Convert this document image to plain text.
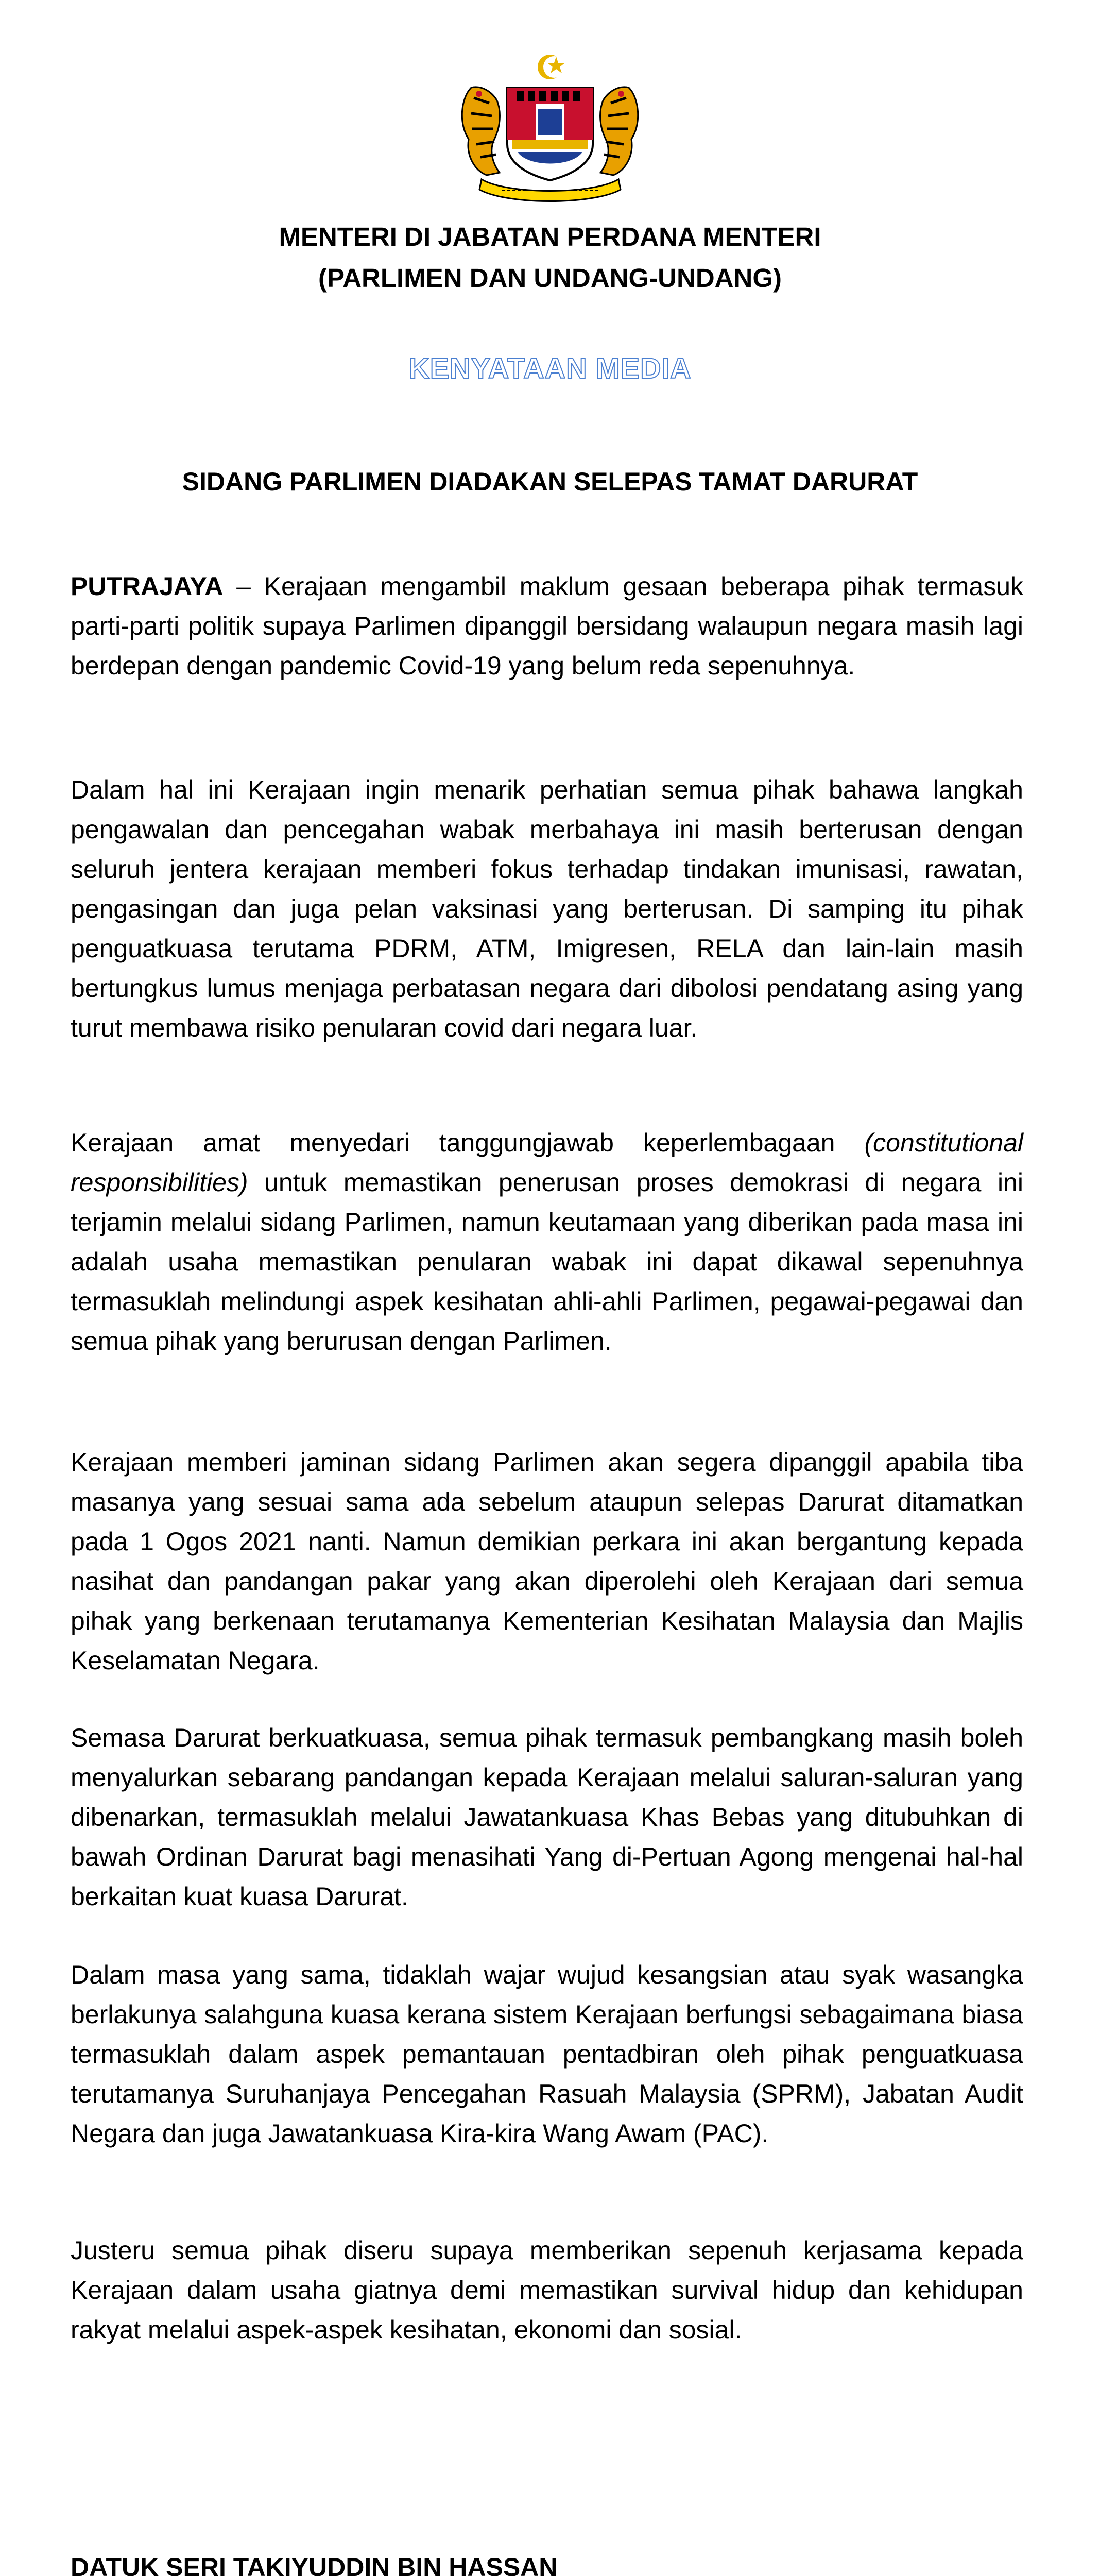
MENTERI DI JABATAN PERDANA MENTERI
(PARLIMEN DAN UNDANG-UNDANG)
KENYATAAN MEDIA
SIDANG PARLIMEN DIADAKAN SELEPAS TAMAT DARURAT

PUTRAJAYA – Kerajaan mengambil maklum gesaan beberapa pihak termasuk parti-parti politik supaya Parlimen dipanggil bersidang walaupun negara masih lagi berdepan dengan pandemic Covid-19 yang belum reda sepenuhnya.

Dalam hal ini Kerajaan ingin menarik perhatian semua pihak bahawa langkah pengawalan dan pencegahan wabak merbahaya ini masih berterusan dengan seluruh jentera kerajaan memberi fokus terhadap tindakan imunisasi, rawatan, pengasingan dan juga pelan vaksinasi yang berterusan. Di samping itu pihak penguatkuasa terutama PDRM, ATM, Imigresen, RELA dan lain-lain masih bertungkus lumus menjaga perbatasan negara dari dibolosi pendatang asing yang turut membawa risiko penularan covid dari negara luar.

Kerajaan amat menyedari tanggungjawab keperlembagaan (constitutional responsibilities) untuk memastikan penerusan proses demokrasi di negara ini terjamin melalui sidang Parlimen, namun keutamaan yang diberikan pada masa ini adalah usaha memastikan penularan wabak ini dapat dikawal sepenuhnya termasuklah melindungi aspek kesihatan ahli-ahli Parlimen, pegawai-pegawai dan semua pihak yang berurusan dengan Parlimen.

Kerajaan memberi jaminan sidang Parlimen akan segera dipanggil apabila tiba masanya yang sesuai sama ada sebelum ataupun selepas Darurat ditamatkan pada 1 Ogos 2021 nanti. Namun demikian perkara ini akan bergantung kepada nasihat dan pandangan pakar yang akan diperolehi oleh Kerajaan dari semua pihak yang berkenaan terutamanya Kementerian Kesihatan Malaysia dan Majlis Keselamatan Negara.

Semasa Darurat berkuatkuasa, semua pihak termasuk pembangkang masih boleh menyalurkan sebarang pandangan kepada Kerajaan melalui saluran-saluran yang dibenarkan, termasuklah melalui Jawatankuasa Khas Bebas yang ditubuhkan di bawah Ordinan Darurat bagi menasihati Yang di-Pertuan Agong mengenai hal-hal berkaitan kuat kuasa Darurat.

Dalam masa yang sama, tidaklah wajar wujud kesangsian atau syak wasangka berlakunya salahguna kuasa kerana sistem Kerajaan berfungsi sebagaimana biasa termasuklah dalam aspek pemantauan pentadbiran oleh pihak penguatkuasa terutamanya Suruhanjaya Pencegahan Rasuah Malaysia (SPRM), Jabatan Audit Negara dan juga Jawatankuasa Kira-kira Wang Awam (PAC).

Justeru semua pihak diseru supaya memberikan sepenuh kerjasama kepada Kerajaan dalam usaha giatnya demi memastikan survival hidup dan kehidupan rakyat melalui aspek-aspek kesihatan, ekonomi dan sosial.

DATUK SERI TAKIYUDDIN BIN HASSAN
